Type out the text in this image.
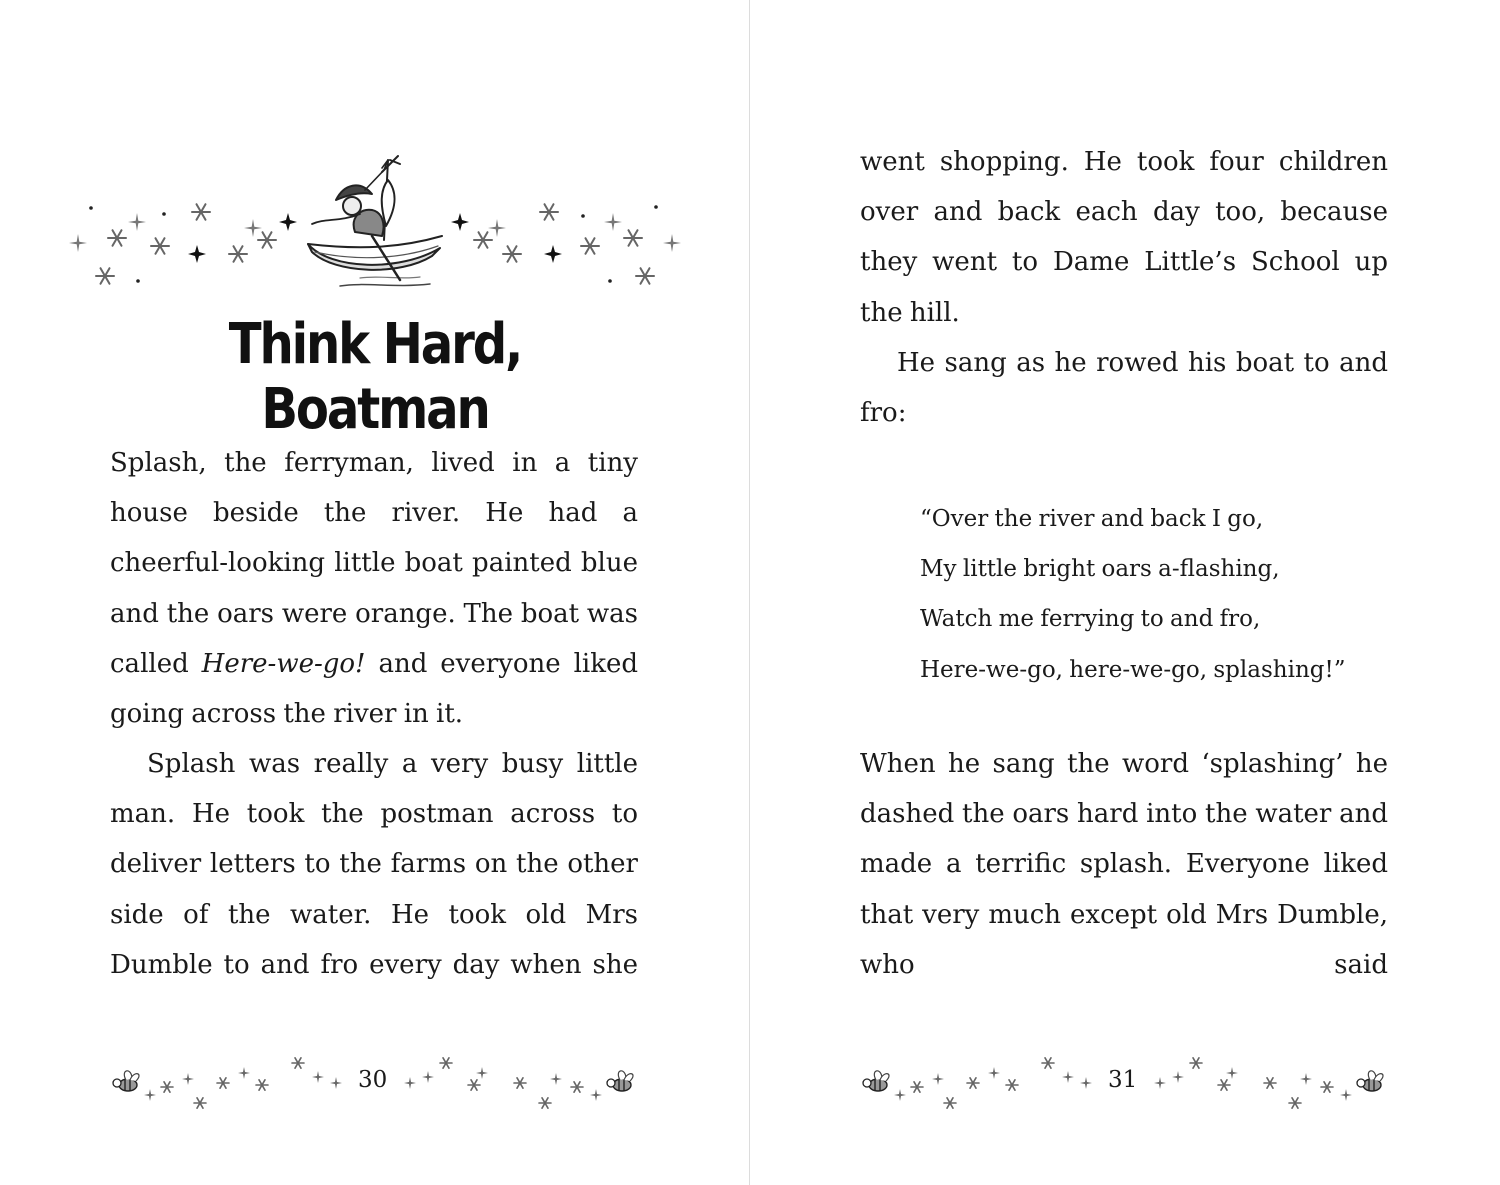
Think Hard, Boatman

Splash, the ferryman, lived in a tiny house beside the river. He had a cheerful-looking little boat painted blue and the oars were orange. The boat was called Here-we-go! and everyone liked going across the river in it.

Splash was really a very busy little man. He took the postman across to deliver letters to the farms on the other side of the water. He took old Mrs Dumble to and fro every day when she

went shopping. He took four children over and back each day too, because they went to Dame Little’s School up the hill.

He sang as he rowed his boat to and fro:

“Over the river and back I go,
My little bright oars a-flashing,
Watch me ferrying to and fro,
Here-we-go, here-we-go, splashing!”

When he sang the word ‘splashing’ he dashed the oars hard into the water and made a terrific splash. Everyone liked that very much except old Mrs Dumble, who said

30	31
